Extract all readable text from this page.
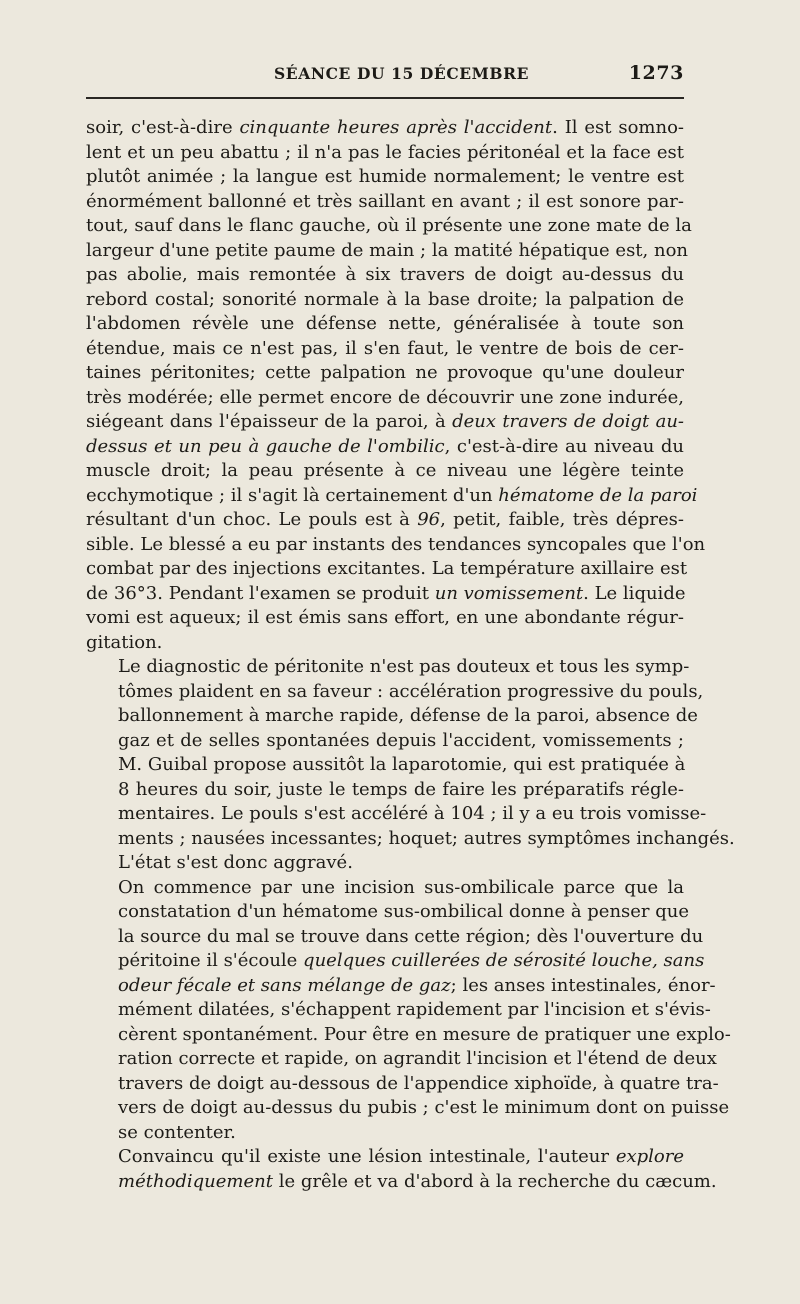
SÉANCE DU 15 DÉCEMBRE	1273

soir, c'est-à-dire cinquante heures après l'accident. Il est somno-
lent et un peu abattu ; il n'a pas le facies péritonéal et la face est
plutôt animée ; la langue est humide normalement; le ventre est
énormément ballonné et très saillant en avant ; il est sonore par-
tout, sauf dans le flanc gauche, où il présente une zone mate de la
largeur d'une petite paume de main ; la matité hépatique est, non
pas abolie, mais remontée à six travers de doigt au-dessus du
rebord costal; sonorité normale à la base droite; la palpation de
l'abdomen révèle une défense nette, généralisée à toute son
étendue, mais ce n'est pas, il s'en faut, le ventre de bois de cer-
taines péritonites; cette palpation ne provoque qu'une douleur
très modérée; elle permet encore de découvrir une zone indurée,
siégeant dans l'épaisseur de la paroi, à deux travers de doigt au-
dessus et un peu à gauche de l'ombilic, c'est-à-dire au niveau du
muscle droit; la peau présente à ce niveau une légère teinte
ecchymotique ; il s'agit là certainement d'un hématome de la paroi
résultant d'un choc. Le pouls est à 96, petit, faible, très dépres-
sible. Le blessé a eu par instants des tendances syncopales que l'on
combat par des injections excitantes. La température axillaire est
de 36°3. Pendant l'examen se produit un vomissement. Le liquide
vomi est aqueux; il est émis sans effort, en une abondante régur-
gitation.

Le diagnostic de péritonite n'est pas douteux et tous les symp-
tômes plaident en sa faveur : accélération progressive du pouls,
ballonnement à marche rapide, défense de la paroi, absence de
gaz et de selles spontanées depuis l'accident, vomissements ;
M. Guibal propose aussitôt la laparotomie, qui est pratiquée à
8 heures du soir, juste le temps de faire les préparatifs régle-
mentaires. Le pouls s'est accéléré à 104 ; il y a eu trois vomisse-
ments ; nausées incessantes; hoquet; autres symptômes inchangés.
L'état s'est donc aggravé.

On commence par une incision sus-ombilicale parce que la
constatation d'un hématome sus-ombilical donne à penser que
la source du mal se trouve dans cette région; dès l'ouverture du
péritoine il s'écoule quelques cuillerées de sérosité louche, sans
odeur fécale et sans mélange de gaz; les anses intestinales, énor-
mément dilatées, s'échappent rapidement par l'incision et s'évis-
cèrent spontanément. Pour être en mesure de pratiquer une explo-
ration correcte et rapide, on agrandit l'incision et l'étend de deux
travers de doigt au-dessous de l'appendice xiphoïde, à quatre tra-
vers de doigt au-dessus du pubis ; c'est le minimum dont on puisse
se contenter.

Convaincu qu'il existe une lésion intestinale, l'auteur explore
méthodiquement le grêle et va d'abord à la recherche du cæcum.
